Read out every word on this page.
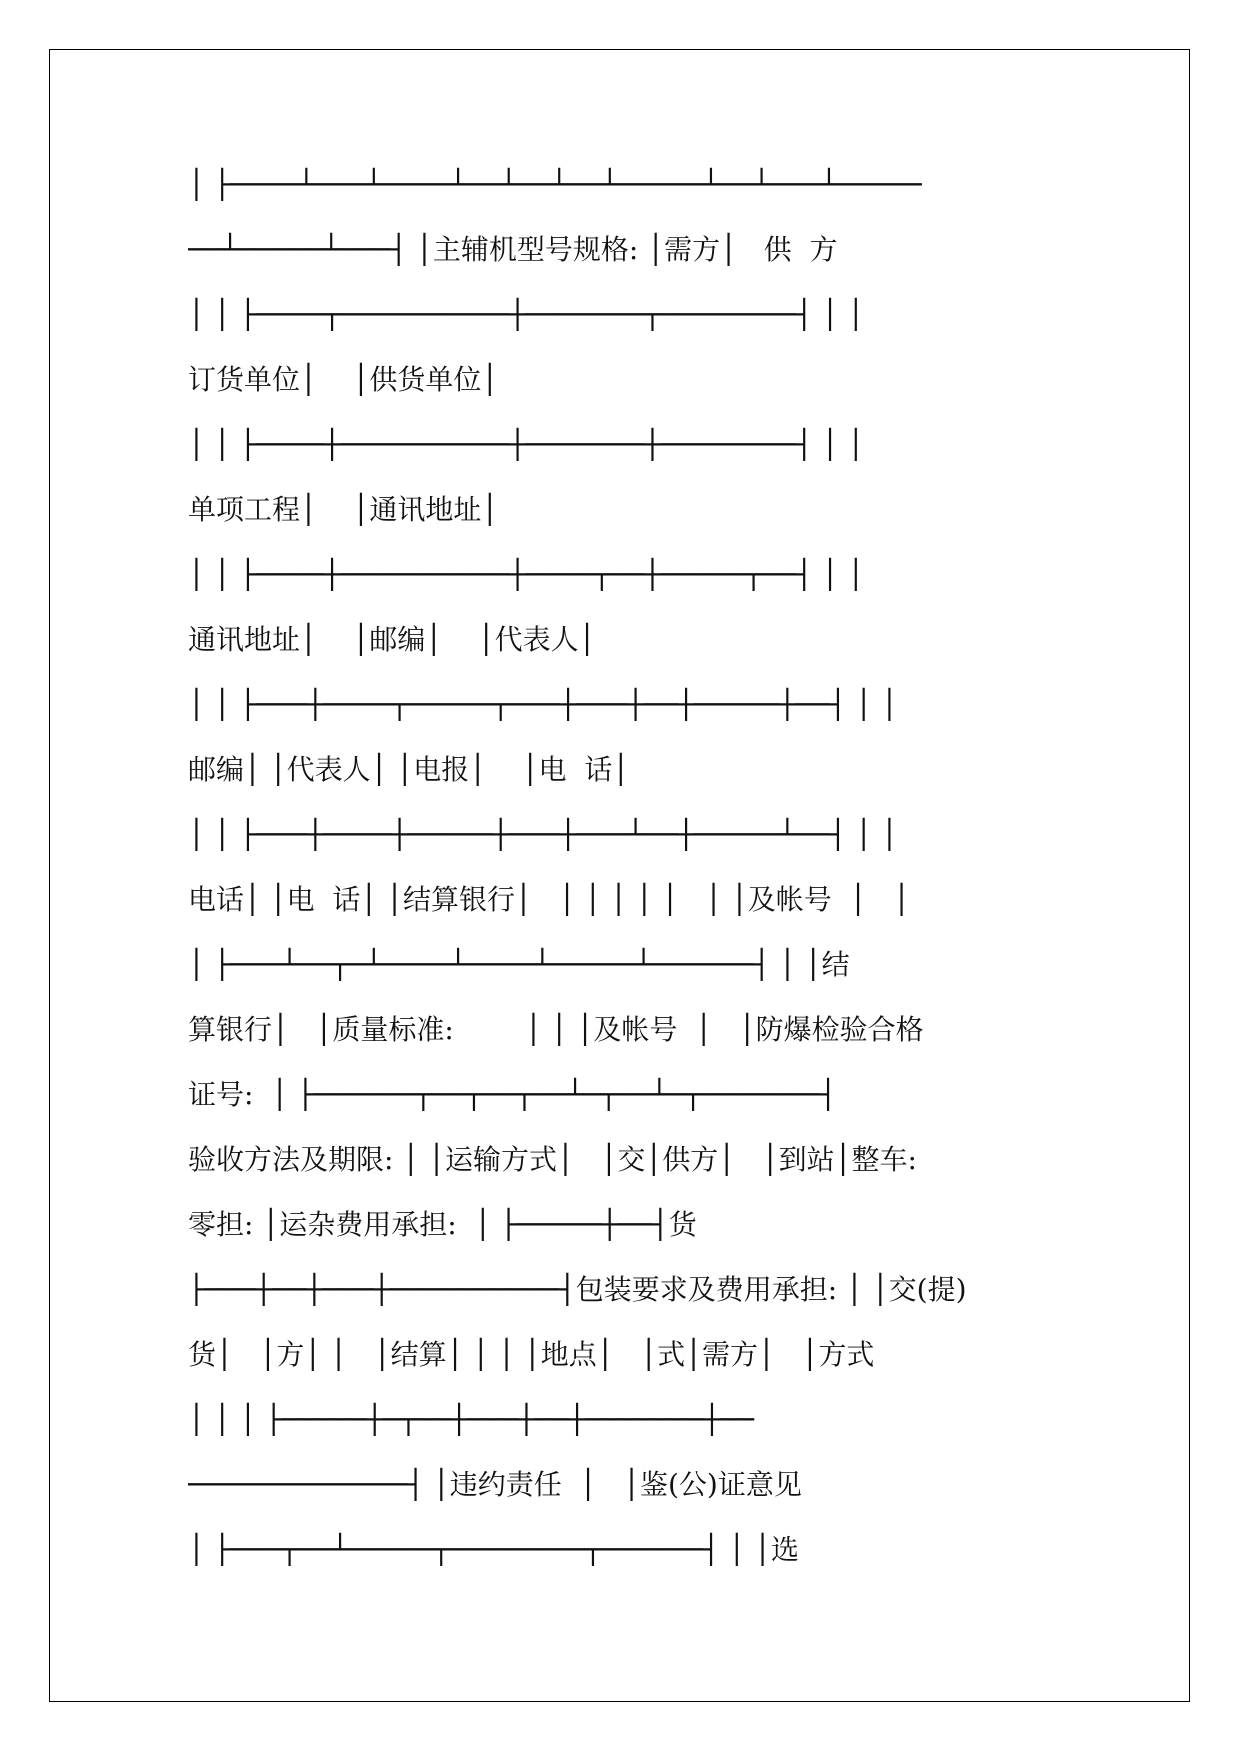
│ ├────┴───┴────┴──┴──┴──┴─────┴──┴───┴─────
──┴─────┴───┤ │主辅机型号规格: │需方│   供  方
│ │ ├────┬──────────┼───────┬────────┤ │ │
订货单位│    │供货单位│
│ │ ├────┼──────────┼───────┼────────┤ │ │
单项工程│    │通讯地址│
│ │ ├────┼──────────┼────┬──┼─────┬──┤ │ │
通讯地址│    │邮编│    │代表人│
│ │ ├───┼────┬─────┬───┼───┼──┼─────┼──┤ │ │
邮编│ │代表人│ │电报│    │电  话│
│ │ ├───┼────┼─────┼───┼───┴──┼─────┴──┤ │ │
电话│ │电  话│ │结算银行│   │ │ │ │ │   │ │及帐号  │   │
│ ├───┴──┬─┴────┴────┴─────┴──────┤ │ │结
算银行│   │质量标准:        │ │ │及帐号  │   │防爆检验合格
证号:  │ ├──────┬──┬──┬──┴─┬──┴─┬───────┤
验收方法及期限: │ │运输方式│   │交│供方│   │到站│整车:
零担: │运杂费用承担:  │ ├─────┼──┤货
├───┼──┼───┼──────────┤包装要求及费用承担: │ │交(提)
货│   │方│ │   │结算│ │ │ │地点│   │式│需方│   │方式
│ │ │ ├─────┼─┬──┼───┼──┼───────┼──
─────────────┤ │违约责任  │   │鉴(公)证意见
│ ├───┬──┴─────┬────────┬──────┤ │ │选
